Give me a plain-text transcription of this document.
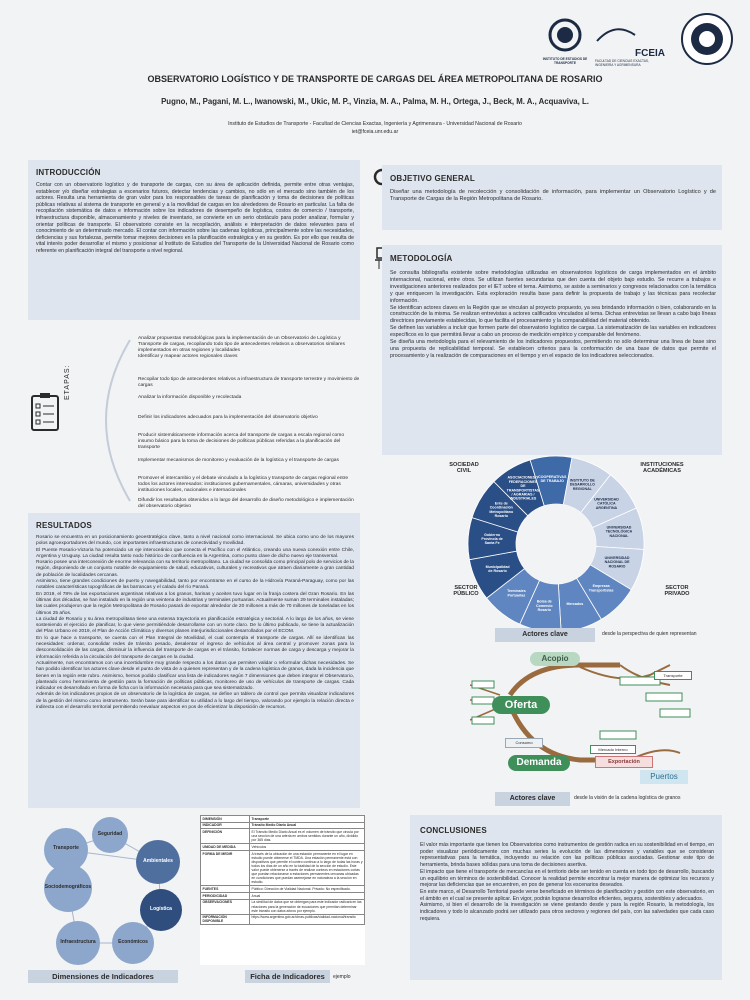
INSTITUTO DE ESTUDIOS DE TRANSPORTE
FCEIA
FACULTAD DE CIENCIAS EXACTAS, INGENIERÍA Y AGRIMENSURA
OBSERVATORIO LOGÍSTICO Y DE TRANSPORTE DE CARGAS DEL ÁREA METROPOLITANA DE ROSARIO
Pugno, M., Pagani, M. L., Iwanowski, M., Ukic, M. P., Vinzia, M. A., Palma, M. H., Ortega, J., Beck, M. A., Acquaviva, L.
Instituto de Estudios de Transporte - Facultad de Ciencias Exactas, Ingeniería y Agrimensura - Universidad Nacional de Rosario
iet@fceia.unr.edu.ar
INTRODUCCIÓN
Contar con un observatorio logístico y de transporte de cargas, con su área de aplicación definida, permite entre otras ventajas, establecer y/o diseñar estrategias a escenarios futuros, detectar tendencias y cambios, no sólo en el mercado sino también de los actores. Resulta una herramienta de gran valor para los responsables de tareas de planificación y toma de decisiones de políticas públicas relativas al sistema de transporte en general y a la movilidad de cargas en los alrededores de Rosario en particular. La falta de recopilación sistemática de datos e información sobre los indicadores de desempeño de logística, costos de comercio / transporte, infraestructura disponible, almacenamiento y niveles de inventario, se convierte en un serio obstáculo para poder analizar, formular y orientar políticas de transporte. El observatorio consiste en la recopilación, análisis e interpretación de datos relevantes para el conocimiento de un determinado mercado. El contar con información sobre las cadenas logísticas, principalmente sobre las necesidades, deficiencias y sus fortalezas, permite tomar mejores decisiones en la planificación estratégica y en su gestión. Es por ello que resulta de vital interés poder desarrollar el mismo y posicionar al Instituto de Estudios del Transporte de la Universidad Nacional de Rosario como referente en planificación integral del transporte a nivel regional.
ETAPAS:
Analizar propuestas metodológicas para la implementación de un Observatorio de Logística y Transporte de cargas, recopilando todo tipo de antecedentes relativos a observatorios similares implementados en otras regiones y localidades
Identificar y mapear actores regionales claves
Recopilar todo tipo de antecedentes relativos a infraestructura de transporte terrestre y movimiento de cargas
Analizar la información disponible y recolectada
Definir los indicadores adecuados para la implementación del observatorio objetivo
Producir sistemáticamente información acerca del transporte de cargas a escala regional como insumo básico para la toma de decisiones de políticas públicas referidas a la planificación del transporte
Implementar mecanismos de monitoreo y evaluación de la logística y el transporte de cargas
Promover el intercambio y el debate vinculado a la logística y transporte de cargas regional entre todos los actores interesados: instituciones gubernamentales, cámaras, universidades y otras instituciones locales, nacionales e internacionales
Difundir los resultados obtenidos a lo largo del desarrollo de diseño metodológico e implementación del observatorio objetivo
RESULTADOS
Rosario se encuentra en un posicionamiento geoestratégico clave, tanto a nivel nacional como internacional. Se ubica como uno de los mayores polos agroexportadores del mundo, con importantes infraestructuras de conectividad y movilidad.
El Puente Rosario-Victoria ha potenciado un eje interoceánico que conecta el Pacífico con el Atlántico, creando una nueva conexión entre Chile, Argentina y Uruguay. La ciudad resulta tanto nodo histórico de confluencia en la Argentina, como punto clave de dicho nuevo eje transversal.
Rosario posee una interconexión de enorme relevancia con su territorio metropolitano. La ciudad se consolida como principal polo de servicios de la región, disponiendo de un conjunto notable de equipamiento de salud, educativos, culturales y recreativos que atraen diariamente a gran cantidad de población de localidades cercanas.
Asimismo, tiene grandes condiciones de puerto y navegabilidad, tanto por encontrarse en el curso de la Hidrovía Paraná-Paraguay, como por las notables características topográficas de las barrancas y el calado del río Paraná.
En 2019, el 78% de las exportaciones argentinas relativas a los granos, harinas y aceites tuvo lugar en la franja costera del Gran Rosario. En las últimas dos décadas, se han instalado en la región una veintena de industrias y terminales portuarias. Actualmente suman 29 terminales instaladas; las cuales produjeron que la región Metropolitana de Rosario pasará de exportar alrededor de 20 millones a más de 70 millones de toneladas en los últimos 25 años.
La ciudad de Rosario y su área metropolitana tiene una extensa trayectoria en planificación estratégica y sectorial. A lo largo de los años, se viene sosteniendo el ejercicio de planificar, lo que viene permitiéndole desarrollarse con un norte claro. De lo último publicado, se tiene la actualización del Plan Urbano en 2019, el Plan de Acción Climática y diversos planes interjurisdiccionales desarrollados por el ECOM.
En lo que hace a transporte, se cuenta con el Plan Integral de Movilidad, el cual contempla el transporte de cargas. Allí se identifican las necesidades: ordenar, consolidar redes de tránsito pesado, desalentar el ingreso de vehículos al área central y promover zonas para la desconsolidación de las cargas, disminuir la influencia del transporte de cargas en el tránsito, fortalecer normas de carga y descarga y mejorar la información referida a la circulación del transporte de cargas en la ciudad.
Actualmente, nos encontramos con una incertidumbre muy grande respecto a los datos que permiten validar o reformular dichas necesidades. Se han podido identificar los actores clave desde el punto de vista de a quienes representan y de la cadena logística de granos, dada la incidencia que tienen en la región este rubro. Asimismo, hemos podido clasificar una lista de indicadores según 7 dimensiones que deben integrar el Observatorio, planteado como herramienta de gestión para la formación de políticas públicas, monitoreo de uso de vehículos de transporte de cargas. Cada indicador es desarrollado en forma de ficha con la información necesaria para que sea sistematizado.
Además de los indicadores propios de un observatorio de la logística de cargas, se define un tablero de control que permita visualizar indicadores de la gestión del mismo como instrumento. Serán base para identificar su utilidad a lo largo del tiempo, valorando por ejemplo la relación directa e indirecta con el desarrollo territorial permitiendo reevaluar aspectos en pos de eficientizar la disposición de recursos.
OBJETIVO GENERAL
Diseñar una metodología de recolección y consolidación de información, para implementar un Observatorio Logístico y de Transporte de Cargas de la Región Metropolitana de Rosario.
METODOLOGÍA
Se consulta bibliografía existente sobre metodologías utilizadas en observatorios logísticos de carga implementados en el ámbito internacional, nacional, entre otros. Se utilizan fuentes secundarias que den cuenta del objeto bajo estudio. Se recurre a trabajos e investigaciones anteriores realizados por el IET sobre el tema. Asimismo, se asiste a seminarios y congresos relacionados con la temática y que enriquecen la investigación. Esta exploración resulta base para definir la propuesta de trabajo y las técnicas para recolectar información.
Se identifican actores claves en la Región que se vinculan al proyecto propuesto, ya sea brindando información o bien, colaborando en la construcción de la misma. Se realizan entrevistas a actores calificados vinculados al tema. Dichas entrevistas se llevan a cabo bajo líneas directrices previamente establecidas, lo que facilita el procesamiento y la comparabilidad del material obtenido.
Se definen las variables a incluir que formen parte del observatorio logístico de cargas. La sistematización de las variables en indicadores específicos es lo que permitirá llevar a cabo un proceso de medición empírico y comparable del fenómeno.
Se diseña una metodología para el relevamiento de los indicadores propuestos, permitiendo no sólo determinar una línea de base sino una propuesta de replicabilidad temporal. Se establecen criterios para la conformación de una base de datos que permite el procesamiento y la realización de comparaciones en el tiempo y en el espacio de los indicadores seleccionados.
COOPERATIVAS DE TRABAJO	INSTITUTO DE DESARROLLO REGIONAL
UNIVERSIDAD CATÓLICA ARGENTINA
UNIVERSIDAD TECNOLÓGICA NACIONAL
UNIVERSIDAD NACIONAL DE ROSARIO
Empresas Transportistas
Mercados
Bolsa de Comercio Rosario
Terminales Portuarias
Municipalidad de Rosario
Gobierno Provincia de Santa Fe
Ente de Coordinación Metropolitano Rosario
ASOCIACIONES Y FEDERACIONES DE TRANSPORTISTAS / AGRARIAS / INDUSTRIALES
SOCIEDAD CIVIL
INSTITUCIONES ACADÉMICAS
SECTOR PÚBLICO
SECTOR PRIVADO
Actores clave	desde la perspectiva de quien representan
Acopio
Oferta
Demanda
Puertos
Transporte
Consumo
Mercado Interno
Exportación
Actores clave	desde la visión de la cadena logística de granos
Transporte
Seguridad
Ambientales
Sociodemográficos
Logística
Infraestructura	Económicos
Dimensiones de Indicadores
DIMENSIÓN	Transporte
INDICADOR	Tránsito Medio Diario Anual
DEFINICIÓN	El Tránsito Medio Diario Anual es el volumen de tránsito que circula por una sección de una arteria en ambos sentidos durante un año, dividido por 365 días.
UNIDAD DE MEDIDA	Vehículos
FORMA DE MEDIR	A través de la ubicación de una estación permanente en el lugar en estudio puede obtenerse el TMDA. Una estación permanente está con dispositivos que permite el conteo continuo a lo largo de todas las horas y todos los días de un año en la totalidad de la sección de estudio. Este valor puede obtenerse a través de realizar conteos en estaciones cortas que puedan relacionarse a estaciones permanentes cercanas ubicadas en condiciones que puedan asemejarse en naturaleza a la sección en estudio.
FUENTES	Público: Dirección de Vialidad Nacional. Privado: No especificado.
PERIODICIDAD	Anual
OBSERVACIONES	La similitud de datos que se obtengan para este indicador radicará en las relaciones para la generación de ecuaciones que permitan determinar este tránsito con datos aforos por ejemplo.
INFORMACIÓN DISPONIBLE	https://www.argentina.gob.ar/obras-publicas/vialidad-nacional/transito
Ficha de Indicadores	ejemplo
CONCLUSIONES
El valor más importante que tienen los Observatorios como instrumentos de gestión radica en su sostenibilidad en el tiempo, en poder visualizar periódicamente con muchas series la evolución de las dimensiones y variables que se consideran representativas para la temática, incluyendo su relación con las políticas públicas asociadas. Gestionar este tipo de herramienta, brinda bases sólidas para una toma de decisiones asertiva.
El impacto que tiene el transporte de mercancías en el territorio debe ser tenido en cuenta en todo tipo de desarrollo, buscando un equilibrio en términos de sostenibilidad. Conocer la realidad permite encontrar la mejor manera de optimizar los recursos y mejorar las deficiencias que se encuentren, en pos de generar los escenarios deseados.
En este marco, el Desarrollo Territorial puede verse beneficiado en términos de planificación y gestión con este observatorio, en el ámbito en el cual se presente aplicar. En vigor, podrán lograrse desarrollos eficientes, seguros, sostenibles y adecuados.
Asimismo, si bien el desarrollo de la investigación se viene gestando desde y para la región Rosario, la metodología, los indicadores y todo lo alcanzado podrá ser utilizado para otros sectores y regiones del país, con las salvedades que cada caso requiera.
